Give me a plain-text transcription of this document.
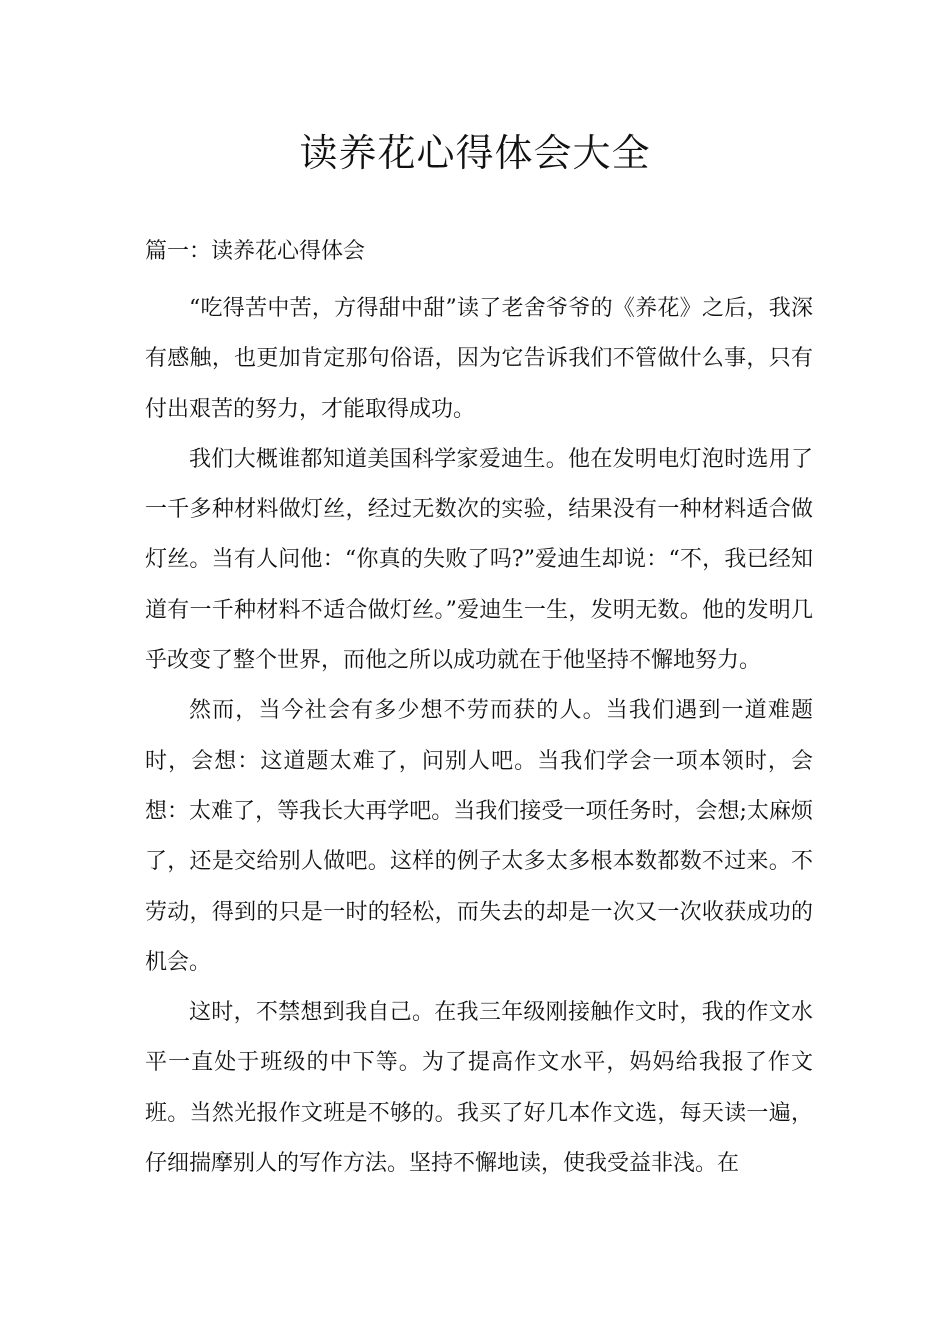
读养花心得体会大全
篇一：读养花心得体会

“吃得苦中苦，方得甜中甜”读了老舍爷爷的《养花》之后，我深有感触，也更加肯定那句俗语，因为它告诉我们不管做什么事，只有付出艰苦的努力，才能取得成功。

我们大概谁都知道美国科学家爱迪生。他在发明电灯泡时选用了一千多种材料做灯丝，经过无数次的实验，结果没有一种材料适合做灯丝。当有人问他：“你真的失败了吗?”爱迪生却说：“不，我已经知道有一千种材料不适合做灯丝。”爱迪生一生，发明无数。他的发明几乎改变了整个世界，而他之所以成功就在于他坚持不懈地努力。

然而，当今社会有多少想不劳而获的人。当我们遇到一道难题时，会想：这道题太难了，问别人吧。当我们学会一项本领时，会想：太难了，等我长大再学吧。当我们接受一项任务时，会想;太麻烦了，还是交给别人做吧。这样的例子太多太多根本数都数不过来。不劳动，得到的只是一时的轻松，而失去的却是一次又一次收获成功的机会。

这时，不禁想到我自己。在我三年级刚接触作文时，我的作文水平一直处于班级的中下等。为了提高作文水平，妈妈给我报了作文班。当然光报作文班是不够的。我买了好几本作文选，每天读一遍，仔细揣摩别人的写作方法。坚持不懈地读，使我受益非浅。在
